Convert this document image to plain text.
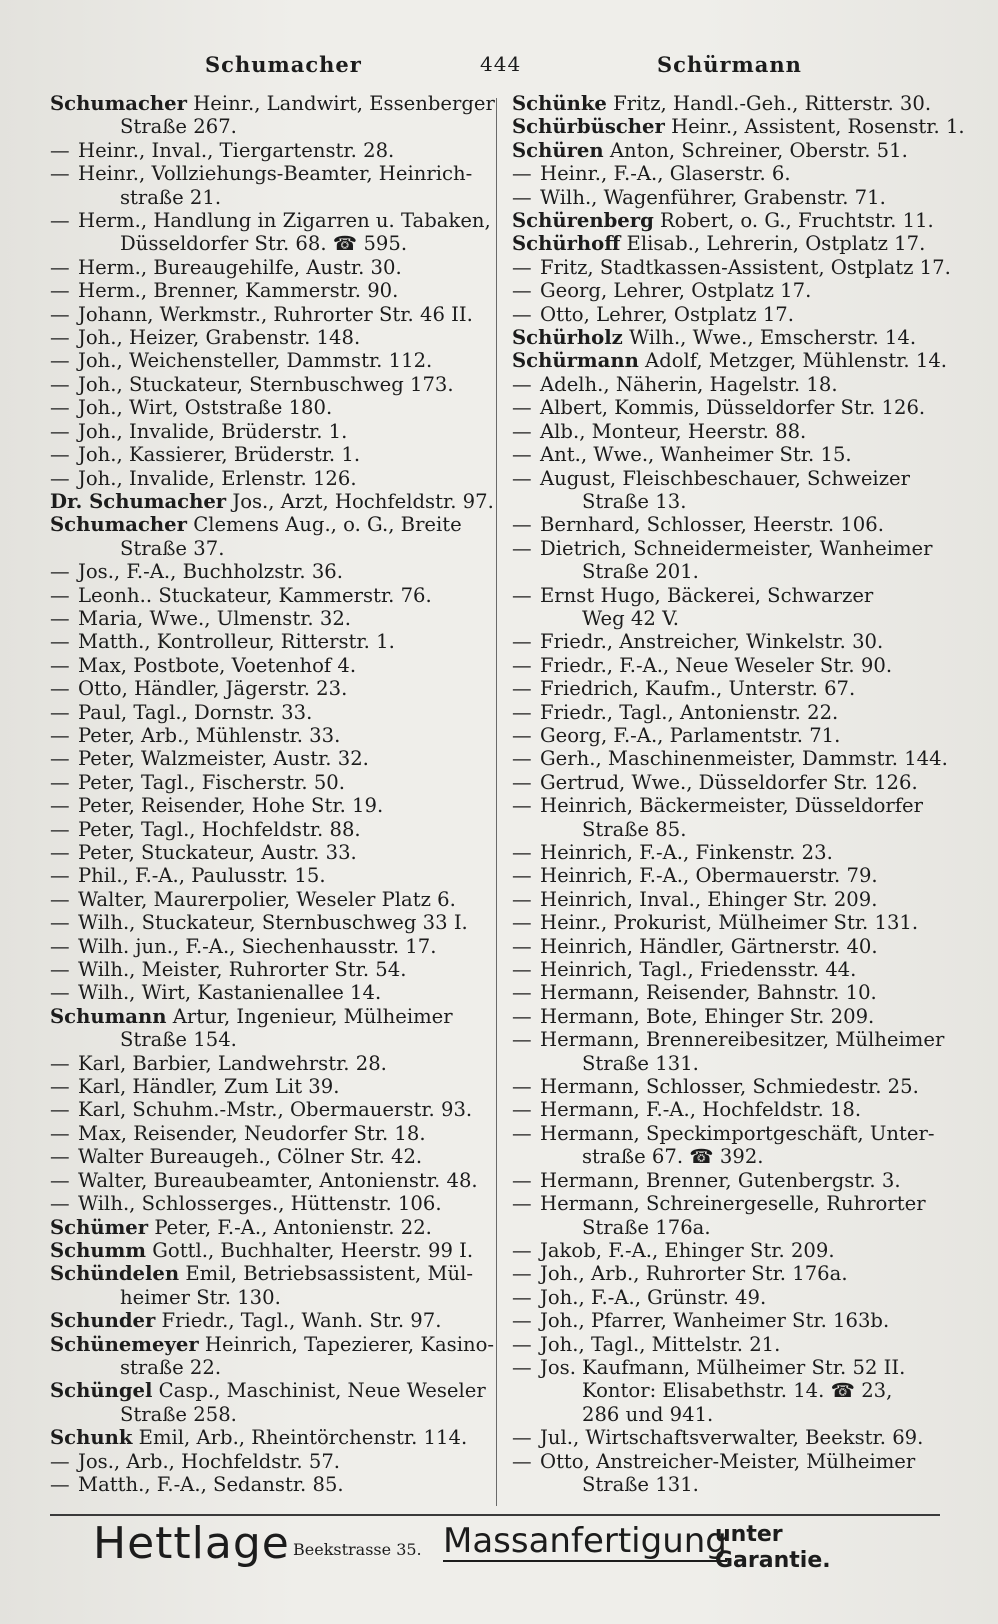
Schumacher	444	Schürmann
Schumacher Heinr., Landwirt, Essenberger
Straße 267.
— Heinr., Inval., Tiergartenstr. 28.
— Heinr., Vollziehungs-Beamter, Heinrich-
straße 21.
— Herm., Handlung in Zigarren u. Tabaken,
Düsseldorfer Str. 68. ☎ 595.
— Herm., Bureaugehilfe, Austr. 30.
— Herm., Brenner, Kammerstr. 90.
— Johann, Werkmstr., Ruhrorter Str. 46 II.
— Joh., Heizer, Grabenstr. 148.
— Joh., Weichensteller, Dammstr. 112.
— Joh., Stuckateur, Sternbuschweg 173.
— Joh., Wirt, Oststraße 180.
— Joh., Invalide, Brüderstr. 1.
— Joh., Kassierer, Brüderstr. 1.
— Joh., Invalide, Erlenstr. 126.
Dr. Schumacher Jos., Arzt, Hochfeldstr. 97.
Schumacher Clemens Aug., o. G., Breite
Straße 37.
— Jos., F.-A., Buchholzstr. 36.
— Leonh.. Stuckateur, Kammerstr. 76.
— Maria, Wwe., Ulmenstr. 32.
— Matth., Kontrolleur, Ritterstr. 1.
— Max, Postbote, Voetenhof 4.
— Otto, Händler, Jägerstr. 23.
— Paul, Tagl., Dornstr. 33.
— Peter, Arb., Mühlenstr. 33.
— Peter, Walzmeister, Austr. 32.
— Peter, Tagl., Fischerstr. 50.
— Peter, Reisender, Hohe Str. 19.
— Peter, Tagl., Hochfeldstr. 88.
— Peter, Stuckateur, Austr. 33.
— Phil., F.-A., Paulusstr. 15.
— Walter, Maurerpolier, Weseler Platz 6.
— Wilh., Stuckateur, Sternbuschweg 33 I.
— Wilh. jun., F.-A., Siechenhausstr. 17.
— Wilh., Meister, Ruhrorter Str. 54.
— Wilh., Wirt, Kastanienallee 14.
Schumann Artur, Ingenieur, Mülheimer
Straße 154.
— Karl, Barbier, Landwehrstr. 28.
— Karl, Händler, Zum Lit 39.
— Karl, Schuhm.-Mstr., Obermauerstr. 93.
— Max, Reisender, Neudorfer Str. 18.
— Walter Bureaugeh., Cölner Str. 42.
— Walter, Bureaubeamter, Antonienstr. 48.
— Wilh., Schlosserges., Hüttenstr. 106.
Schümer Peter, F.-A., Antonienstr. 22.
Schumm Gottl., Buchhalter, Heerstr. 99 I.
Schündelen Emil, Betriebsassistent, Mül-
heimer Str. 130.
Schunder Friedr., Tagl., Wanh. Str. 97.
Schünemeyer Heinrich, Tapezierer, Kasino-
straße 22.
Schüngel Casp., Maschinist, Neue Weseler
Straße 258.
Schunk Emil, Arb., Rheintörchenstr. 114.
— Jos., Arb., Hochfeldstr. 57.
— Matth., F.-A., Sedanstr. 85.
Schünke Fritz, Handl.-Geh., Ritterstr. 30.
Schürbüscher Heinr., Assistent, Rosenstr. 1.
Schüren Anton, Schreiner, Oberstr. 51.
— Heinr., F.-A., Glaserstr. 6.
— Wilh., Wagenführer, Grabenstr. 71.
Schürenberg Robert, o. G., Fruchtstr. 11.
Schürhoff Elisab., Lehrerin, Ostplatz 17.
— Fritz, Stadtkassen-Assistent, Ostplatz 17.
— Georg, Lehrer, Ostplatz 17.
— Otto, Lehrer, Ostplatz 17.
Schürholz Wilh., Wwe., Emscherstr. 14.
Schürmann Adolf, Metzger, Mühlenstr. 14.
— Adelh., Näherin, Hagelstr. 18.
— Albert, Kommis, Düsseldorfer Str. 126.
— Alb., Monteur, Heerstr. 88.
— Ant., Wwe., Wanheimer Str. 15.
— August, Fleischbeschauer, Schweizer
Straße 13.
— Bernhard, Schlosser, Heerstr. 106.
— Dietrich, Schneidermeister, Wanheimer
Straße 201.
— Ernst Hugo, Bäckerei, Schwarzer
Weg 42 V.
— Friedr., Anstreicher, Winkelstr. 30.
— Friedr., F.-A., Neue Weseler Str. 90.
— Friedrich, Kaufm., Unterstr. 67.
— Friedr., Tagl., Antonienstr. 22.
— Georg, F.-A., Parlamentstr. 71.
— Gerh., Maschinenmeister, Dammstr. 144.
— Gertrud, Wwe., Düsseldorfer Str. 126.
— Heinrich, Bäckermeister, Düsseldorfer
Straße 85.
— Heinrich, F.-A., Finkenstr. 23.
— Heinrich, F.-A., Obermauerstr. 79.
— Heinrich, Inval., Ehinger Str. 209.
— Heinr., Prokurist, Mülheimer Str. 131.
— Heinrich, Händler, Gärtnerstr. 40.
— Heinrich, Tagl., Friedensstr. 44.
— Hermann, Reisender, Bahnstr. 10.
— Hermann, Bote, Ehinger Str. 209.
— Hermann, Brennereibesitzer, Mülheimer
Straße 131.
— Hermann, Schlosser, Schmiedestr. 25.
— Hermann, F.-A., Hochfeldstr. 18.
— Hermann, Speckimportgeschäft, Unter-
straße 67. ☎ 392.
— Hermann, Brenner, Gutenbergstr. 3.
— Hermann, Schreinergeselle, Ruhrorter
Straße 176a.
— Jakob, F.-A., Ehinger Str. 209.
— Joh., Arb., Ruhrorter Str. 176a.
— Joh., F.-A., Grünstr. 49.
— Joh., Pfarrer, Wanheimer Str. 163b.
— Joh., Tagl., Mittelstr. 21.
— Jos. Kaufmann, Mülheimer Str. 52 II.
Kontor: Elisabethstr. 14. ☎ 23,
286 und 941.
— Jul., Wirtschaftsverwalter, Beekstr. 69.
— Otto, Anstreicher-Meister, Mülheimer
Straße 131.
Hettlage Beekstrasse 35. Massanfertigung
unter
Garantie.
